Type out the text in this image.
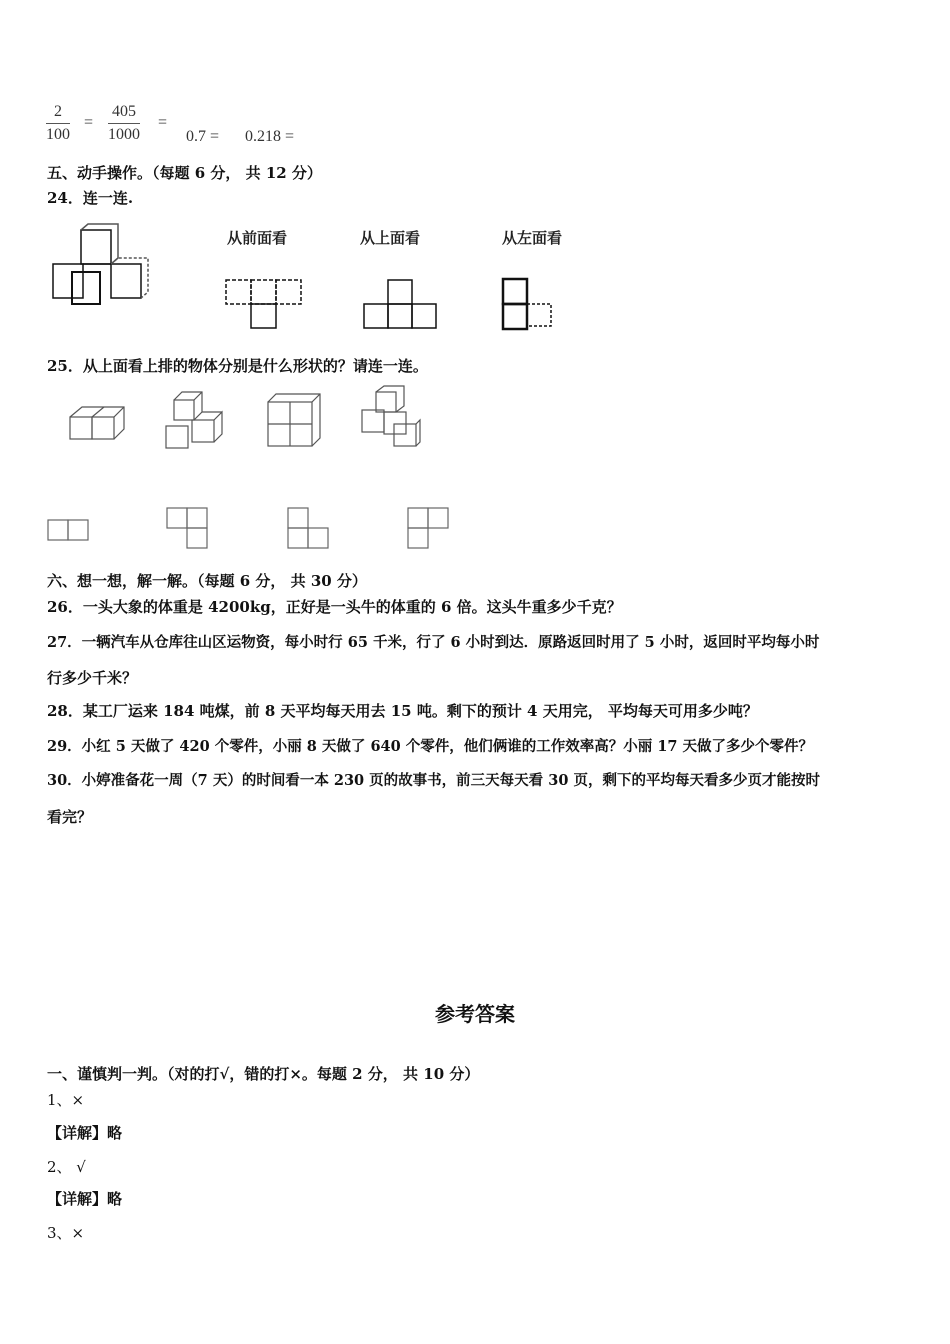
$\frac{2}{100} = \frac{405}{1000}$ =
0.7 = 0.218 =
五、动手操作。（每题 6 分， 共 12 分）
24．连一连.
从前面看	从上面看	从左面看
25．从上面看上排的物体分别是什么形状的？请连一连。
六、想一想，解一解。（每题 6 分， 共 30 分）
26．一头大象的体重是 4200kg，正好是一头牛的体重的 6 倍。这头牛重多少千克？
27．一辆汽车从仓库往山区运物资，每小时行 65 千米，行了 6 小时到达．原路返回时用了 5 小时，返回时平均每小时
行多少千米？
28．某工厂运来 184 吨煤，前 8 天平均每天用去 15 吨。剩下的预计 4 天用完， 平均每天可用多少吨？
29．小红 5 天做了 420 个零件，小丽 8 天做了 640 个零件，他们俩谁的工作效率高？小丽 17 天做了多少个零件？
30．小婷准备花一周（7 天）的时间看一本 230 页的故事书，前三天每天看 30 页，剩下的平均每天看多少页才能按时
看完？
参考答案
一、谨慎判一判。（对的打√，错的打×。每题 2 分， 共 10 分）
1、×
【详解】略
2、 √
【详解】略
3、×
